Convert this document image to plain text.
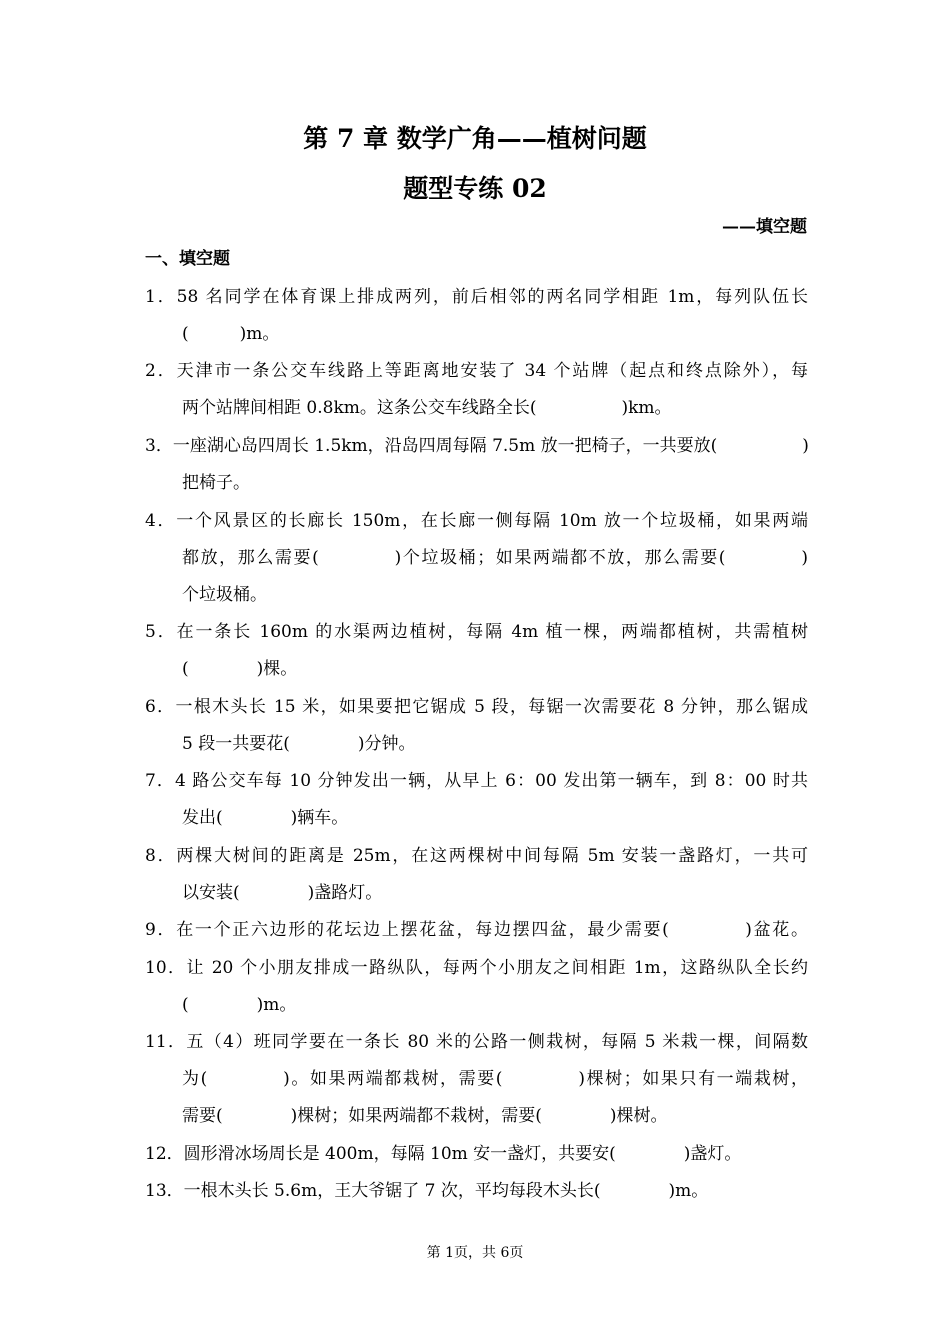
第 7 章 数学广角——植树问题
题型专练 02
——填空题
一、填空题
1．58 名同学在体育课上排成两列，前后相邻的两名同学相距 1m，每列队伍长
(　　　)m。
2．天津市一条公交车线路上等距离地安装了 34 个站牌（起点和终点除外），每
两个站牌间相距 0.8km。这条公交车线路全长(　　　　　)km。
3．一座湖心岛四周长 1.5km，沿岛四周每隔 7.5m 放一把椅子，一共要放(　　　　　)
把椅子。
4．一个风景区的长廊长 150m，在长廊一侧每隔 10m 放一个垃圾桶，如果两端
都放，那么需要(　　　　)个垃圾桶；如果两端都不放，那么需要(　　　　)
个垃圾桶。
5．在一条长 160m 的水渠两边植树，每隔 4m 植一棵，两端都植树，共需植树
(　　　　)棵。
6．一根木头长 15 米，如果要把它锯成 5 段，每锯一次需要花 8 分钟，那么锯成
5 段一共要花(　　　　)分钟。
7．4 路公交车每 10 分钟发出一辆，从早上 6：00 发出第一辆车，到 8：00 时共
发出(　　　　)辆车。
8．两棵大树间的距离是 25m，在这两棵树中间每隔 5m 安装一盏路灯，一共可
以安装(　　　　)盏路灯。
9．在一个正六边形的花坛边上摆花盆，每边摆四盆，最少需要(　　　　)盆花。
10．让 20 个小朋友排成一路纵队，每两个小朋友之间相距 1m，这路纵队全长约
(　　　　)m。
11．五（4）班同学要在一条长 80 米的公路一侧栽树，每隔 5 米栽一棵，间隔数
为(　　　　)。如果两端都栽树，需要(　　　　)棵树；如果只有一端栽树，
需要(　　　　)棵树；如果两端都不栽树，需要(　　　　)棵树。
12．圆形滑冰场周长是 400m，每隔 10m 安一盏灯，共要安(　　　　)盏灯。
13．一根木头长 5.6m，王大爷锯了 7 次，平均每段木头长(　　　　)m。
第 1页，共 6页
